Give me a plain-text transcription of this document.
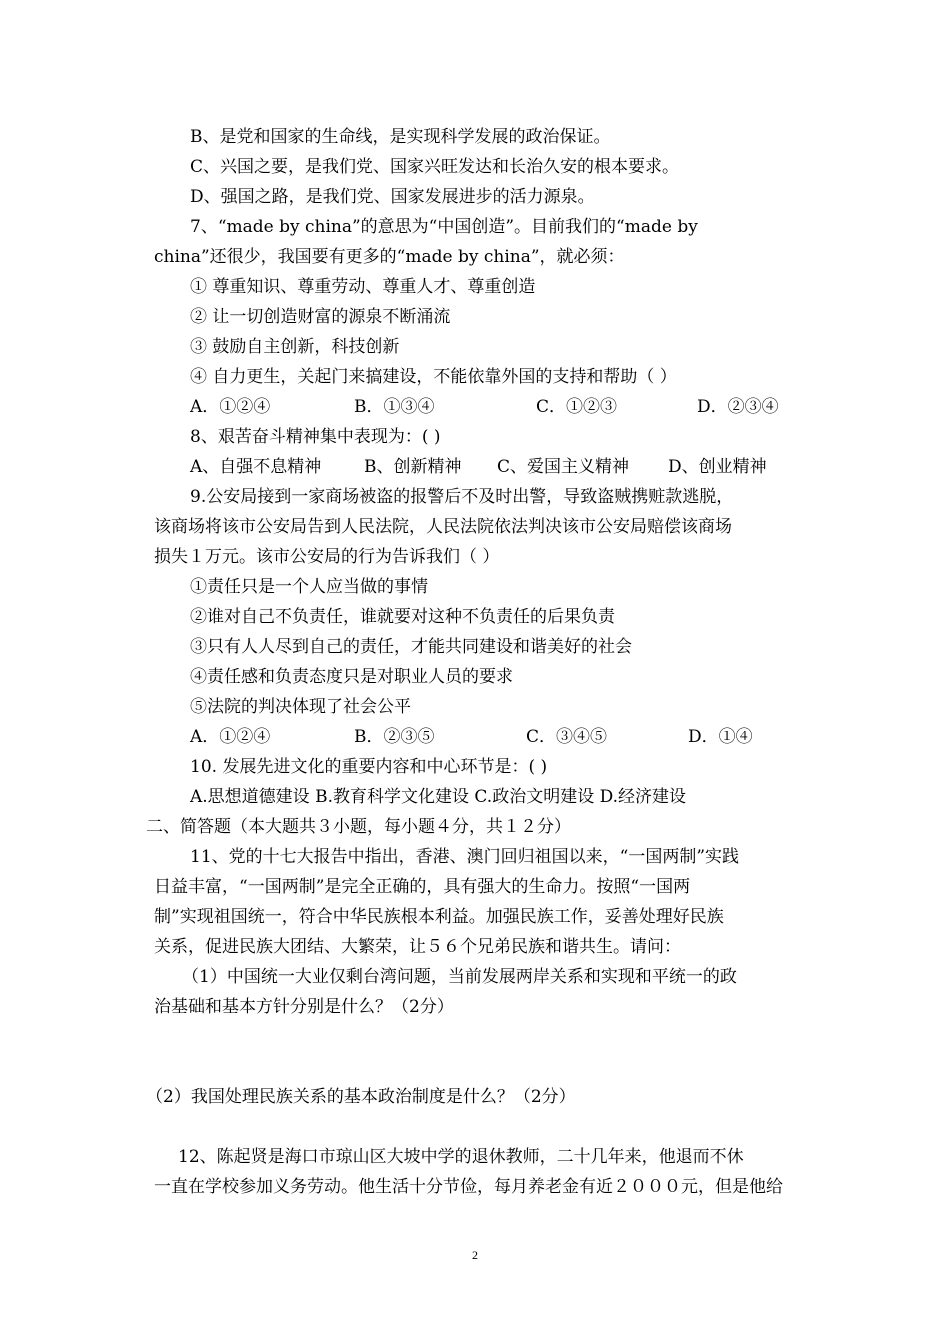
B、是党和国家的生命线，是实现科学发展的政治保证。
C、兴国之要，是我们党、国家兴旺发达和长治久安的根本要求。
D、强国之路，是我们党、国家发展进步的活力源泉。
7、“made by china”的意思为“中国创造”。目前我们的“made by
china”还很少，我国要有更多的“made by china”，就必须：
① 尊重知识、尊重劳动、尊重人才、尊重创造
② 让一切创造财富的源泉不断涌流
③ 鼓励自主创新，科技创新
④ 自力更生，关起门来搞建设，不能依靠外国的支持和帮助（ ）
A．①②④	B．①③④	C．①②③	D．②③④
8、艰苦奋斗精神集中表现为：( )
A、自强不息精神	B、创新精神 C、爱国主义精神 D、创业精神
9.公安局接到一家商场被盗的报警后不及时出警，导致盗贼携赃款逃脱，
该商场将该市公安局告到人民法院，人民法院依法判决该市公安局赔偿该商场
损失１万元。该市公安局的行为告诉我们（ ）
①责任只是一个人应当做的事情
②谁对自己不负责任，谁就要对这种不负责任的后果负责
③只有人人尽到自己的责任，才能共同建设和谐美好的社会
④责任感和负责态度只是对职业人员的要求
⑤法院的判决体现了社会公平
A．①②④	B．②③⑤	C．③④⑤	D．①④
10. 发展先进文化的重要内容和中心环节是：( )
A.思想道德建设 B.教育科学文化建设 C.政治文明建设 D.经济建设
二、简答题（本大题共３小题，每小题４分，共１２分）
11、党的十七大报告中指出，香港、澳门回归祖国以来，“一国两制”实践
日益丰富，“一国两制”是完全正确的，具有强大的生命力。按照“一国两
制”实现祖国统一，符合中华民族根本利益。加强民族工作，妥善处理好民族
关系，促进民族大团结、大繁荣，让５６个兄弟民族和谐共生。请问：
（1）中国统一大业仅剩台湾问题，当前发展两岸关系和实现和平统一的政
治基础和基本方针分别是什么？（2分）
（2）我国处理民族关系的基本政治制度是什么？（2分）
12、陈起贤是海口市琼山区大坡中学的退休教师，二十几年来，他退而不休
一直在学校参加义务劳动。他生活十分节俭，每月养老金有近２０００元，但是他给
2
